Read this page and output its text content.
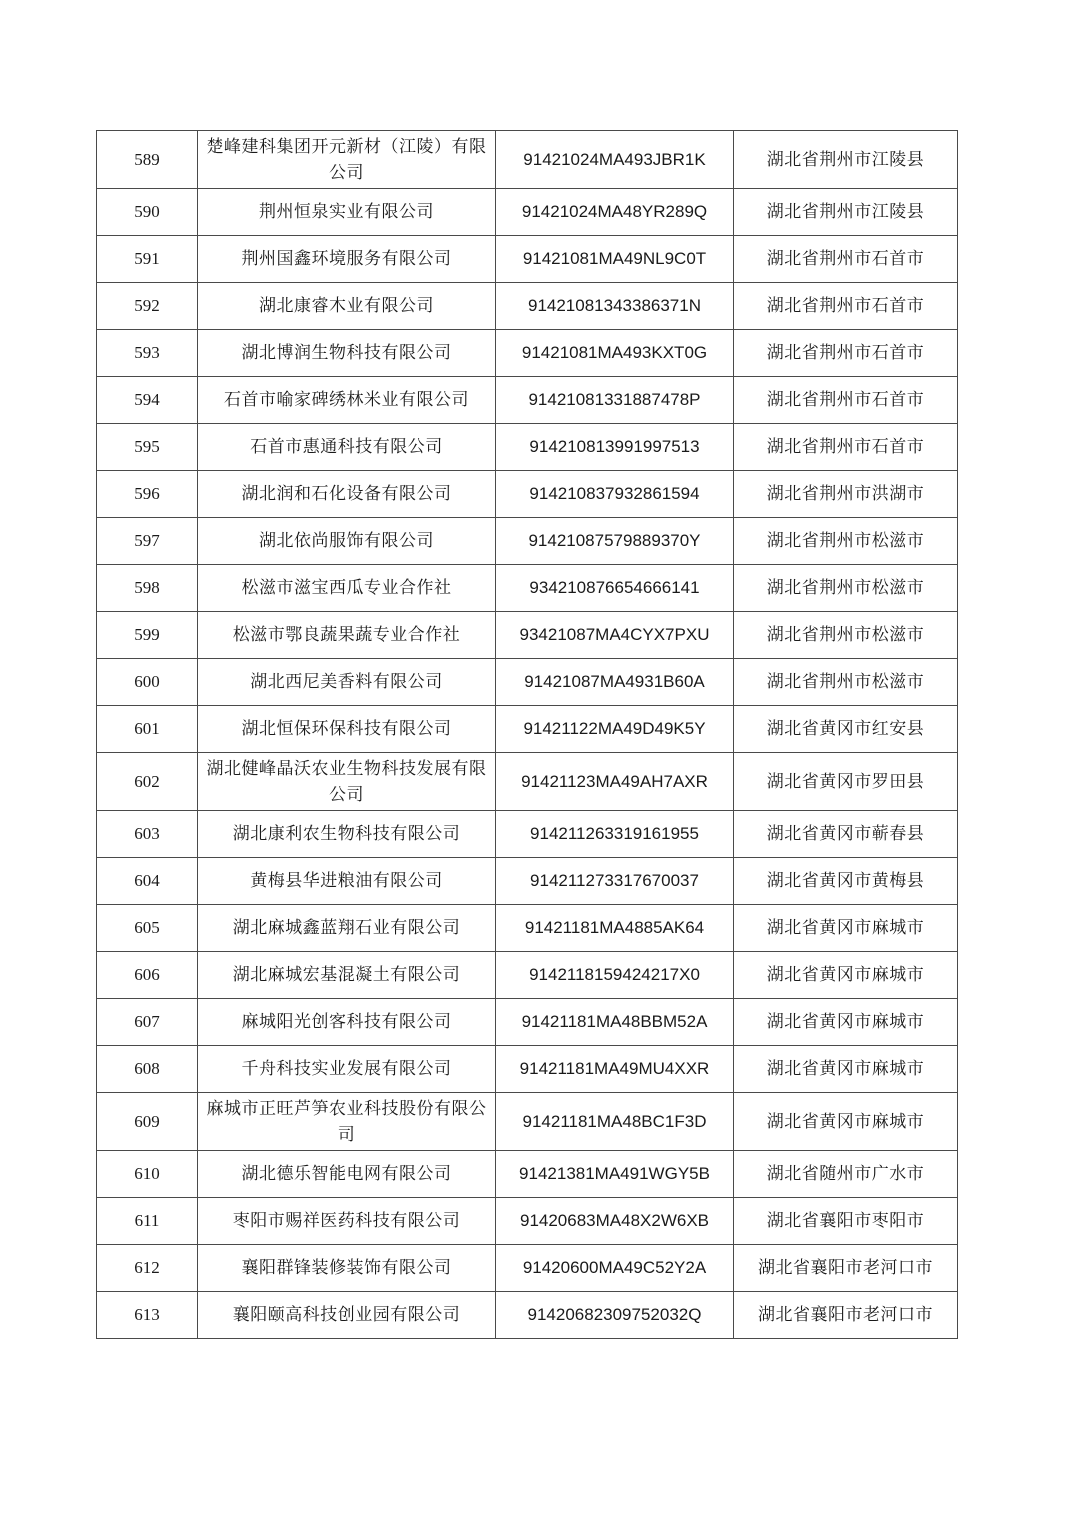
589	楚峰建科集团开元新材（江陵）有限公司	91421024MA493JBR1K	湖北省荆州市江陵县
590	荆州恒泉实业有限公司	91421024MA48YR289Q	湖北省荆州市江陵县
591	荆州国鑫环境服务有限公司	91421081MA49NL9C0T	湖北省荆州市石首市
592	湖北康睿木业有限公司	91421081343386371N	湖北省荆州市石首市
593	湖北博润生物科技有限公司	91421081MA493KXT0G	湖北省荆州市石首市
594	石首市喻家碑绣林米业有限公司	91421081331887478P	湖北省荆州市石首市
595	石首市惠通科技有限公司	914210813991997513	湖北省荆州市石首市
596	湖北润和石化设备有限公司	914210837932861594	湖北省荆州市洪湖市
597	湖北依尚服饰有限公司	91421087579889370Y	湖北省荆州市松滋市
598	松滋市滋宝西瓜专业合作社	934210876654666141	湖北省荆州市松滋市
599	松滋市鄂良蔬果蔬专业合作社	93421087MA4CYX7PXU	湖北省荆州市松滋市
600	湖北西尼美香料有限公司	91421087MA4931B60A	湖北省荆州市松滋市
601	湖北恒保环保科技有限公司	91421122MA49D49K5Y	湖北省黄冈市红安县
602	湖北健峰晶沃农业生物科技发展有限公司	91421123MA49AH7AXR	湖北省黄冈市罗田县
603	湖北康利农生物科技有限公司	914211263319161955	湖北省黄冈市蕲春县
604	黄梅县华进粮油有限公司	914211273317670037	湖北省黄冈市黄梅县
605	湖北麻城鑫蓝翔石业有限公司	91421181MA4885AK64	湖北省黄冈市麻城市
606	湖北麻城宏基混凝土有限公司	9142118159424217X0	湖北省黄冈市麻城市
607	麻城阳光创客科技有限公司	91421181MA48BBM52A	湖北省黄冈市麻城市
608	千舟科技实业发展有限公司	91421181MA49MU4XXR	湖北省黄冈市麻城市
609	麻城市正旺芦笋农业科技股份有限公司	91421181MA48BC1F3D	湖北省黄冈市麻城市
610	湖北德乐智能电网有限公司	91421381MA491WGY5B	湖北省随州市广水市
611	枣阳市赐祥医药科技有限公司	91420683MA48X2W6XB	湖北省襄阳市枣阳市
612	襄阳群锋装修装饰有限公司	91420600MA49C52Y2A	湖北省襄阳市老河口市
613	襄阳颐高科技创业园有限公司	91420682309752032Q	湖北省襄阳市老河口市
